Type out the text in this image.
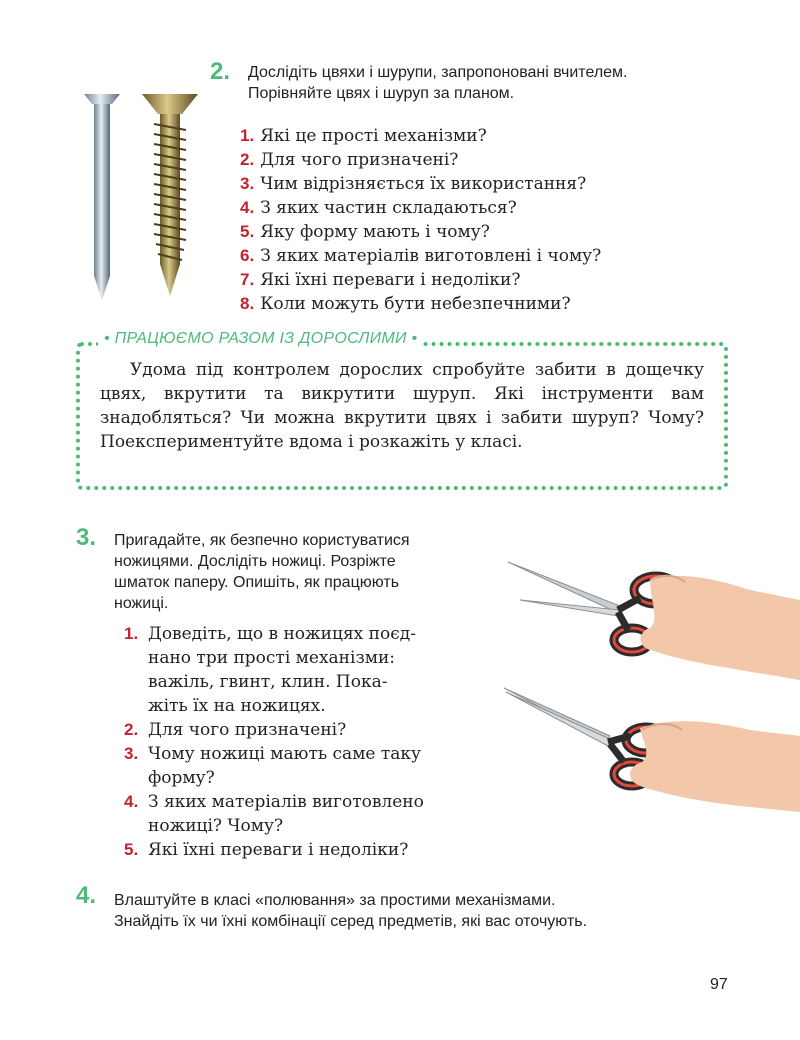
2. Дослідіть цвяхи і шурупи, запропоновані вчителем.
Порівняйте цвях і шуруп за планом.
1. Які це прості механізми?
2. Для чого призначені?
3. Чим відрізняється їх використання?
4. З яких частин складаються?
5. Яку форму мають і чому?
6. З яких матеріалів виготовлені і чому?
7. Які їхні переваги і недоліки?
8. Коли можуть бути небезпечними?
• ПРАЦЮЄМО РАЗОМ ІЗ ДОРОСЛИМИ •
Удома під контролем дорослих спробуйте забити в дощечку цвях, вкрутити та викрутити шуруп. Які інструменти вам знадобляться? Чи можна вкрутити цвях і забити шуруп? Чому? Поекспериментуйте вдома і розкажіть у класі.
3. Пригадайте, як безпечно користуватися
ножицями. Дослідіть ножиці. Розріжте
шматок паперу. Опишіть, як працюють
ножиці.
1. Доведіть, що в ножицях поєд-
нано три прості механізми:
важіль, гвинт, клин. Пока-
жіть їх на ножицях.
2. Для чого призначені?
3. Чому ножиці мають саме таку
форму?
4. З яких матеріалів виготовлено
ножиці? Чому?
5. Які їхні переваги і недоліки?
4. Влаштуйте в класі «полювання» за простими механізмами.
Знайдіть їх чи їхні комбінації серед предметів, які вас оточують.
97
